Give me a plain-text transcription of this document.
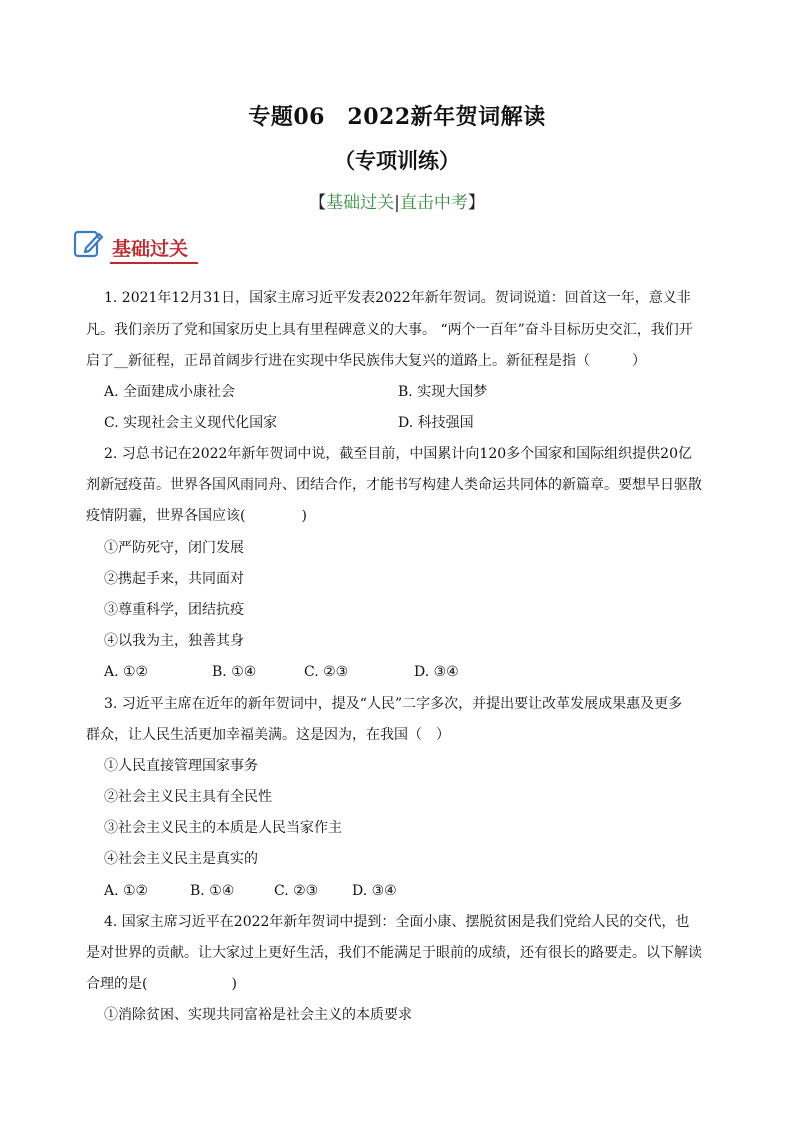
专题06　2022新年贺词解读
（专项训练）
【基础过关|直击中考】
基础过关
1. 2021年12月31日，国家主席习近平发表2022年新年贺词。贺词说道：回首这一年，意义非
凡。我们亲历了党和国家历史上具有里程碑意义的大事。 “两个一百年”奋斗目标历史交汇，我们开
启了__新征程，正昂首阔步行进在实现中华民族伟大复兴的道路上。新征程是指（　　　）
A. 全面建成小康社会	B. 实现大国梦
C. 实现社会主义现代化国家	D. 科技强国
2. 习总书记在2022年新年贺词中说，截至目前，中国累计向120多个国家和国际组织提供20亿
剂新冠疫苗。世界各国风雨同舟、团结合作，才能书写构建人类命运共同体的新篇章。要想早日驱散
疫情阴霾，世界各国应该(　　　　)
①严防死守，闭门发展
②携起手来，共同面对
③尊重科学，团结抗疫
④以我为主，独善其身
A. ①②	B. ①④	C. ②③	D. ③④
3. 习近平主席在近年的新年贺词中，提及“人民”二字多次，并提出要让改革发展成果惠及更多
群众，让人民生活更加幸福美满。这是因为，在我国（　）
①人民直接管理国家事务
②社会主义民主具有全民性
③社会主义民主的本质是人民当家作主
④社会主义民主是真实的
A. ①②	B. ①④	C. ②③ D. ③④
4. 国家主席习近平在2022年新年贺词中提到：全面小康、摆脱贫困是我们党给人民的交代，也
是对世界的贡献。让大家过上更好生活，我们不能满足于眼前的成绩，还有很长的路要走。以下解读
合理的是(　　　　　　)
①消除贫困、实现共同富裕是社会主义的本质要求
